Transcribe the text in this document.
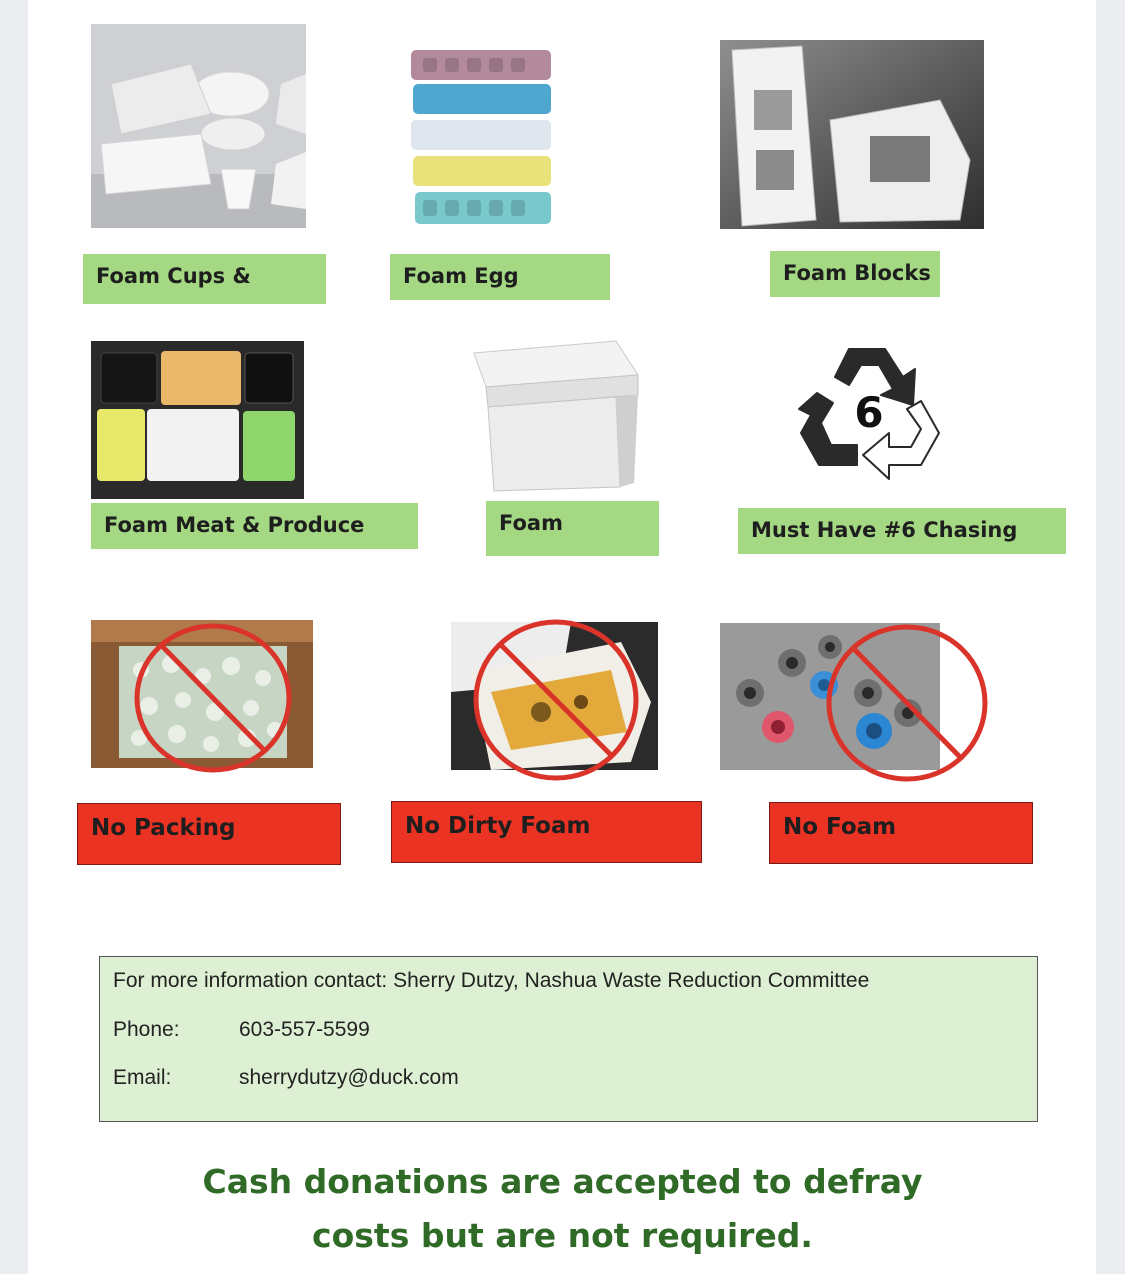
Foam Cups &	Foam Egg	Foam Blocks
Foam Meat & Produce	Foam
6
Must Have #6 Chasing
No Packing	No Dirty Foam	No Foam
For more information contact: Sherry Dutzy, Nashua Waste Reduction Committee
Phone:	603-557-5599
Email:	sherrydutzy@duck.com
Cash donations are accepted to defray
costs but are not required.
